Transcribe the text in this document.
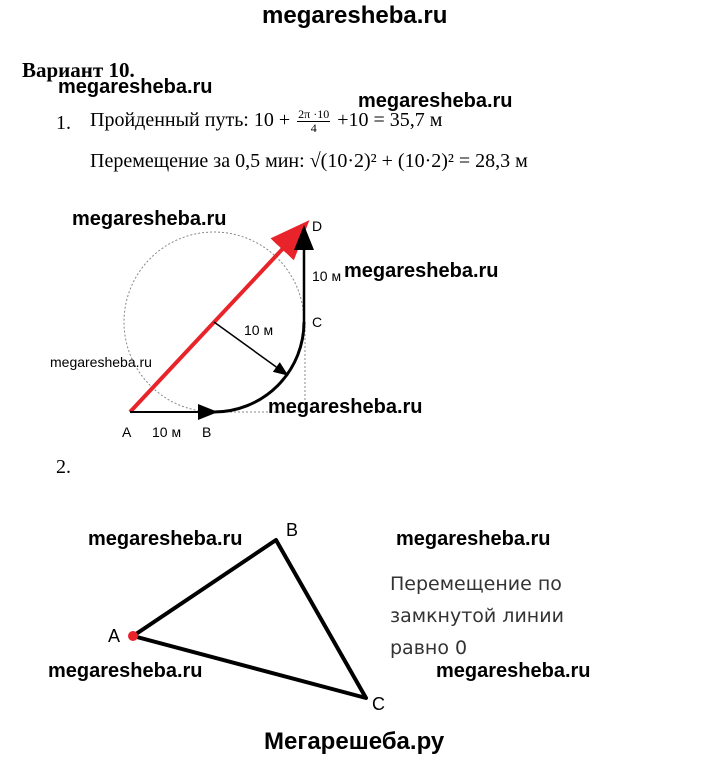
megaresheba.ru
Вариант 10.
megaresheba.ru
1. Пройденный путь: $10 + \frac{2\pi \cdot 10}{4} +10 = 35,7$ м
megaresheba.ru
Перемещение за 0,5 мин: √(10·2)² + (10·2)² = 28,3 м
megaresheba.ru	D
10 м megaresheba.ru
C
10 м
megaresheba.ru
megaresheba.ru
A 10 м B
2.
megaresheba.ru B	megaresheba.ru
A
Перемещение по замкнутой линии равно 0
megaresheba.ru	megaresheba.ru
C
Мегарешеба.ру
